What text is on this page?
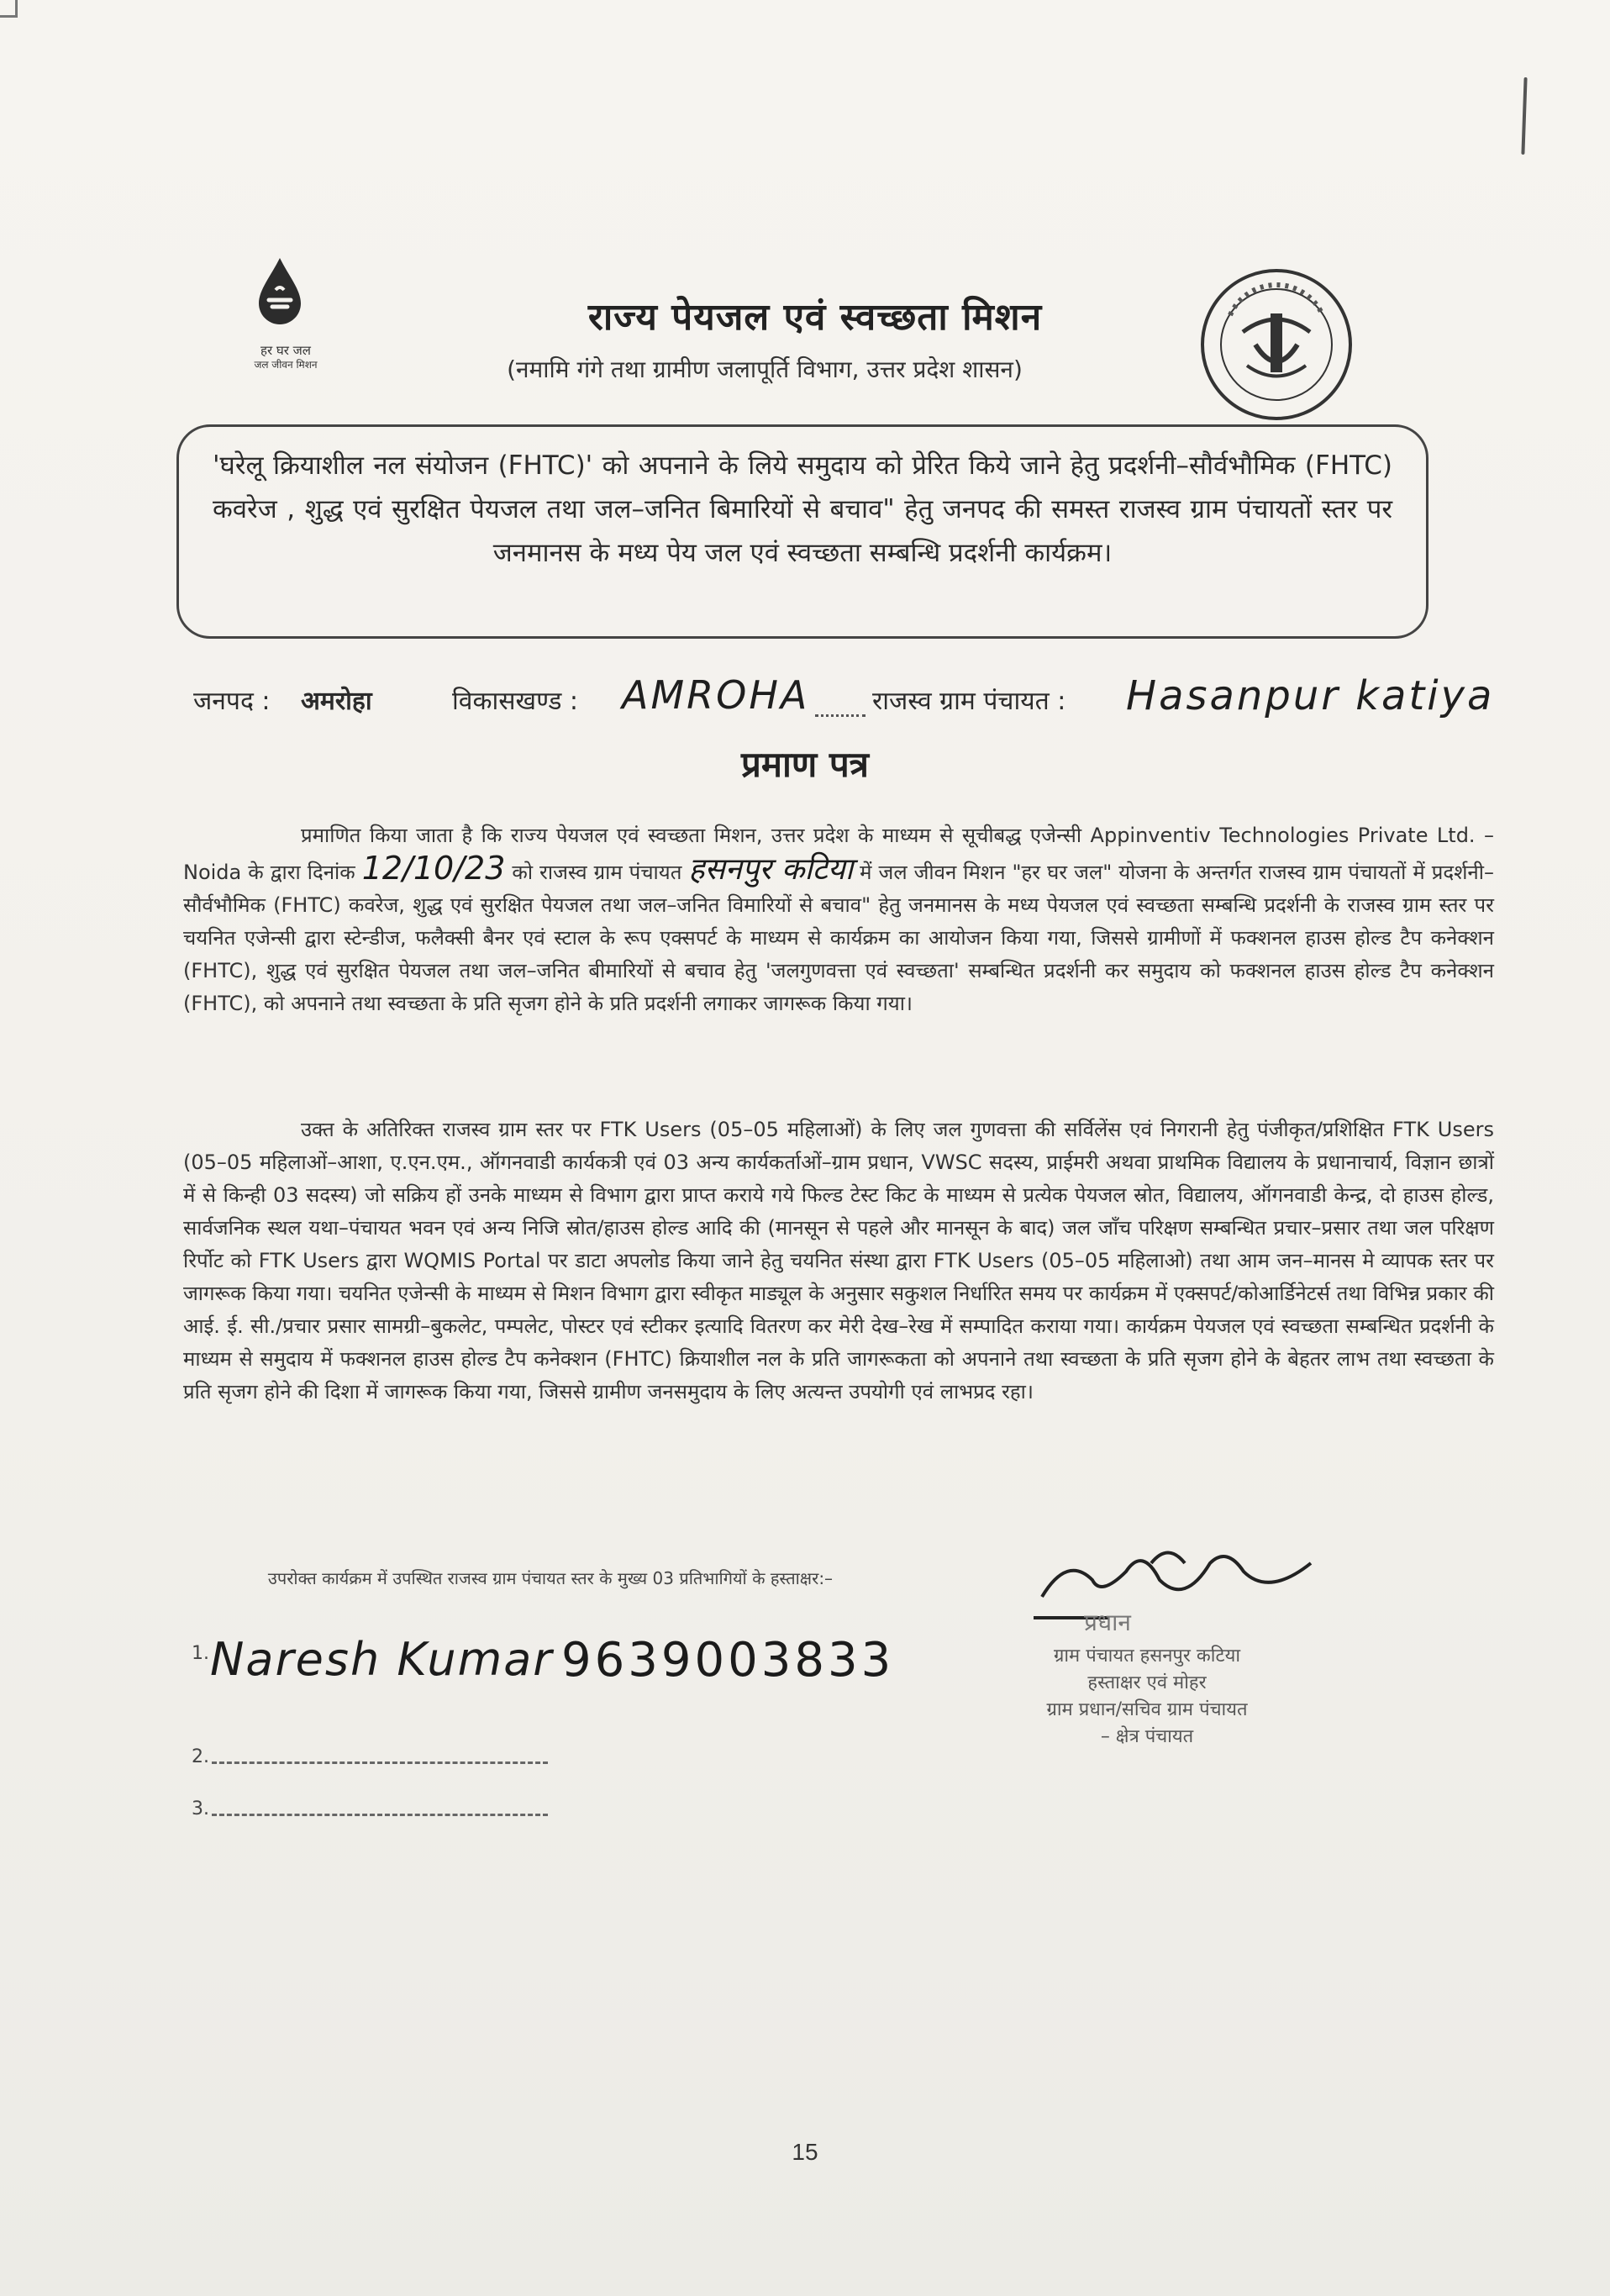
हर घर जल
जल जीवन मिशन
राज्य पेयजल एवं स्वच्छता मिशन
(नमामि गंगे तथा ग्रामीण जलापूर्ति विभाग, उत्तर प्रदेश शासन)

'घरेलू क्रियाशील नल संयोजन (FHTC)' को अपनाने के लिये समुदाय को प्रेरित किये जाने हेतु प्रदर्शनी–सौर्वभौमिक (FHTC) कवरेज , शुद्ध एवं सुरक्षित पेयजल तथा जल–जनित बिमारियों से बचाव" हेतु जनपद की समस्त राजस्व ग्राम पंचायतों स्तर पर जनमानस के मध्य पेय जल एवं स्वच्छता सम्बन्धि प्रदर्शनी कार्यक्रम।

जनपद : अमरोहा	विकासखण्ड : AMROHA राजस्व ग्राम पंचायत : Hasanpur katiya
प्रमाण पत्र

प्रमाणित किया जाता है कि राज्य पेयजल एवं स्वच्छता मिशन, उत्तर प्रदेश के माध्यम से सूचीबद्ध एजेन्सी Appinventiv Technologies Private Ltd. – Noida के द्वारा दिनांक 12/10/23 को राजस्व ग्राम पंचायत हसनपुर कटिया में जल जीवन मिशन "हर घर जल" योजना के अन्तर्गत राजस्व ग्राम पंचायतों में प्रदर्शनी–सौर्वभौमिक (FHTC) कवरेज, शुद्ध एवं सुरक्षित पेयजल तथा जल–जनित विमारियों से बचाव" हेतु जनमानस के मध्य पेयजल एवं स्वच्छता सम्बन्धि प्रदर्शनी के राजस्व ग्राम स्तर पर चयनित एजेन्सी द्वारा स्टेन्डीज, फलैक्सी बैनर एवं स्टाल के रूप एक्सपर्ट के माध्यम से कार्यक्रम का आयोजन किया गया, जिससे ग्रामीणों में फक्शनल हाउस होल्ड टैप कनेक्शन (FHTC), शुद्ध एवं सुरक्षित पेयजल तथा जल–जनित बीमारियों से बचाव हेतु 'जलगुणवत्ता एवं स्वच्छता' सम्बन्धित प्रदर्शनी कर समुदाय को फक्शनल हाउस होल्ड टैप कनेक्शन (FHTC), को अपनाने तथा स्वच्छता के प्रति सृजग होने के प्रति प्रदर्शनी लगाकर जागरूक किया गया।

उक्त के अतिरिक्त राजस्व ग्राम स्तर पर FTK Users (05–05 महिलाओं) के लिए जल गुणवत्ता की सर्विलेंस एवं निगरानी हेतु पंजीकृत/प्रशिक्षित FTK Users (05–05 महिलाओं–आशा, ए.एन.एम., ऑगनवाडी कार्यकत्री एवं 03 अन्य कार्यकर्ताओं–ग्राम प्रधान, VWSC सदस्य, प्राईमरी अथवा प्राथमिक विद्यालय के प्रधानाचार्य, विज्ञान छात्रों में से किन्ही 03 सदस्य) जो सक्रिय हों उनके माध्यम से विभाग द्वारा प्राप्त कराये गये फिल्ड टेस्ट किट के माध्यम से प्रत्येक पेयजल स्रोत, विद्यालय, ऑगनवाडी केन्द्र, दो हाउस होल्ड, सार्वजनिक स्थल यथा–पंचायत भवन एवं अन्य निजि स्रोत/हाउस होल्ड आदि की (मानसून से पहले और मानसून के बाद) जल जाँच परिक्षण सम्बन्धित प्रचार–प्रसार तथा जल परिक्षण रिर्पोट को FTK Users द्वारा WQMIS Portal पर डाटा अपलोड किया जाने हेतु चयनित संस्था द्वारा FTK Users (05–05 महिलाओ) तथा आम जन–मानस मे व्यापक स्तर पर जागरूक किया गया। चयनित एजेन्सी के माध्यम से मिशन विभाग द्वारा स्वीकृत माड्यूल के अनुसार सकुशल निर्धारित समय पर कार्यक्रम में एक्सपर्ट/कोआर्डिनेटर्स तथा विभिन्न प्रकार की आई. ई. सी./प्रचार प्रसार सामग्री–बुकलेट, पम्पलेट, पोस्टर एवं स्टीकर इत्यादि वितरण कर मेरी देख–रेख में सम्पादित कराया गया। कार्यक्रम पेयजल एवं स्वच्छता सम्बन्धित प्रदर्शनी के माध्यम से समुदाय में फक्शनल हाउस होल्ड टैप कनेक्शन (FHTC) क्रियाशील नल के प्रति जागरूकता को अपनाने तथा स्वच्छता के प्रति सृजग होने के बेहतर लाभ तथा स्वच्छता के प्रति सृजग होने की दिशा में जागरूक किया गया, जिससे ग्रामीण जनसमुदाय के लिए अत्यन्त उपयोगी एवं लाभप्रद रहा।

उपरोक्त कार्यक्रम में उपस्थित राजस्व ग्राम पंचायत स्तर के मुख्य 03 प्रतिभागियों के हस्ताक्षर:–
1. Naresh Kumar 9639003833
2.
3.
प्रधान
ग्राम पंचायत हसनपुर कटिया
हस्ताक्षर एवं मोहर
ग्राम प्रधान/सचिव ग्राम पंचायत
– क्षेत्र पंचायत
15
